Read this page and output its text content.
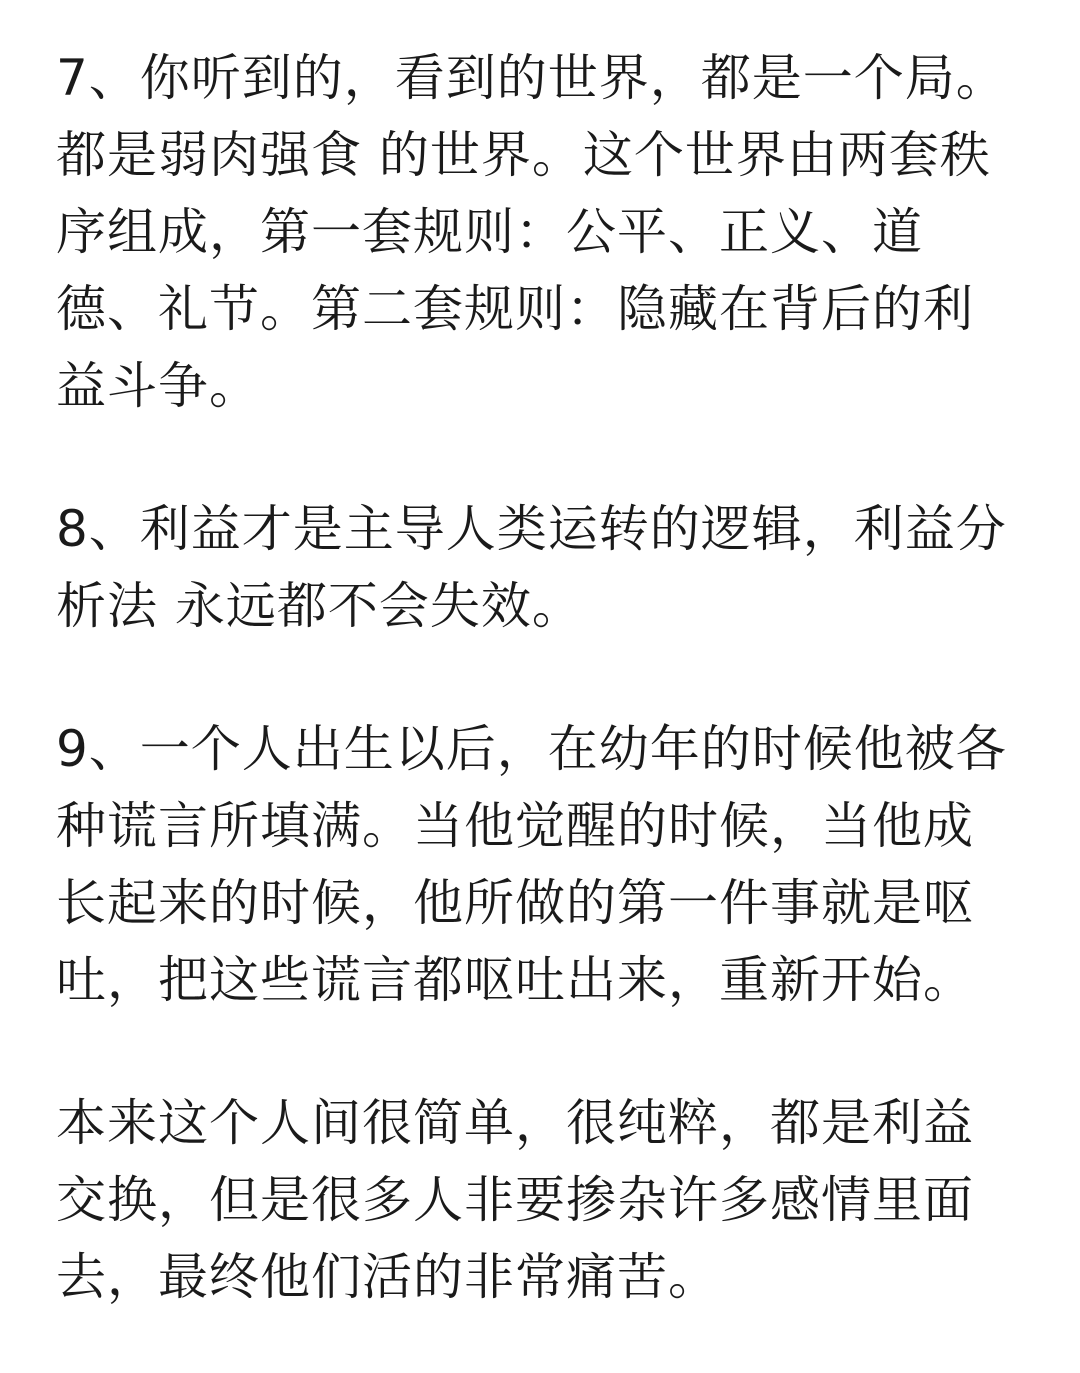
7、你听到的，看到的世界，都是一个局。都是弱肉强食 的世界。这个世界由两套秩序组成，第一套规则：公平、正义、道德、礼节。第二套规则：隐藏在背后的利益斗争。

8、利益才是主导人类运转的逻辑，利益分析法 永远都不会失效。

9、一个人出生以后，在幼年的时候他被各种谎言所填满。当他觉醒的时候，当他成长起来的时候，他所做的第一件事就是呕吐，把这些谎言都呕吐出来，重新开始。

本来这个人间很简单，很纯粹，都是利益交换，但是很多人非要掺杂许多感情里面去，最终他们活的非常痛苦。
